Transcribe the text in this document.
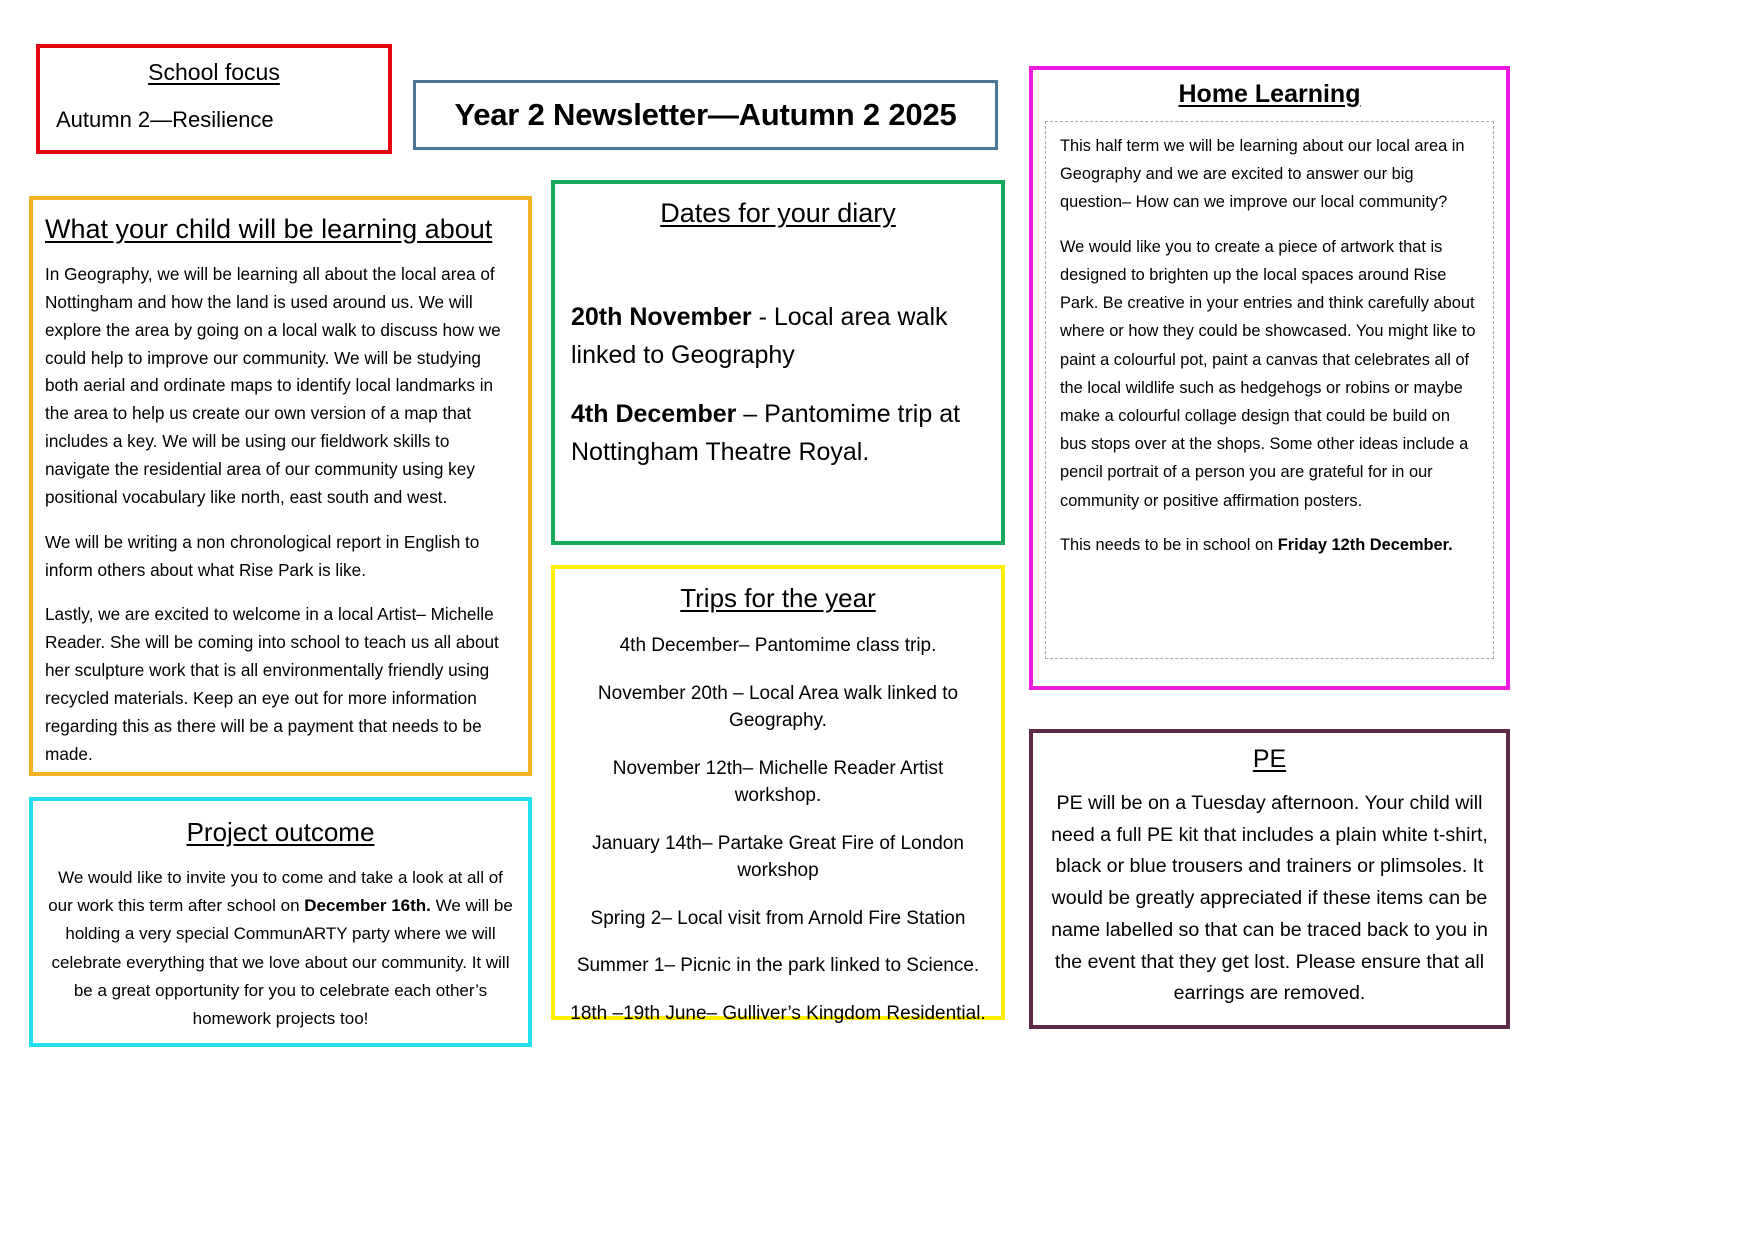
School focus
Autumn 2—Resilience	Year 2 Newsletter—Autumn 2 2025
What your child will be learning about

In Geography, we will be learning all about the local area of Nottingham and how the land is used around us. We will explore the area by going on a local walk to discuss how we could help to improve our community. We will be studying both aerial and ordinate maps to identify local landmarks in the area to help us create our own version of a map that includes a key. We will be using our fieldwork skills to navigate the residential area of our community using key positional vocabulary like north, east south and west.

We will be writing a non chronological report in English to inform others about what Rise Park is like.

Lastly, we are excited to welcome in a local Artist– Michelle Reader. She will be coming into school to teach us all about her sculpture work that is all environmentally friendly using recycled materials. Keep an eye out for more information regarding this as there will be a payment that needs to be made.

Project outcome

We would like to invite you to come and take a look at all of our work this term after school on December 16th. We will be holding a very special CommunARTY party where we will celebrate everything that we love about our community. It will be a great opportunity for you to celebrate each other’s homework projects too!

Dates for your diary

20th November - Local area walk linked to Geography

4th December – Pantomime trip at Nottingham Theatre Royal.

Trips for the year

4th December– Pantomime class trip.

November 20th – Local Area walk linked to Geography.

November 12th– Michelle Reader Artist workshop.

January 14th– Partake Great Fire of London workshop

Spring 2– Local visit from Arnold Fire Station

Summer 1– Picnic in the park linked to Science.

18th –19th June– Gulliver’s Kingdom Residential.

Home Learning

This half term we will be learning about our local area in Geography and we are excited to answer our big question– How can we improve our local community?

We would like you to create a piece of artwork that is designed to brighten up the local spaces around Rise Park. Be creative in your entries and think carefully about where or how they could be showcased. You might like to paint a colourful pot, paint a canvas that celebrates all of the local wildlife such as hedgehogs or robins or maybe make a colourful collage design that could be build on bus stops over at the shops. Some other ideas include a pencil portrait of a person you are grateful for in our community or positive affirmation posters.

This needs to be in school on Friday 12th December.

PE

PE will be on a Tuesday afternoon. Your child will need a full PE kit that includes a plain white t-shirt, black or blue trousers and trainers or plimsoles. It would be greatly appreciated if these items can be name labelled so that can be traced back to you in the event that they get lost. Please ensure that all earrings are removed.
